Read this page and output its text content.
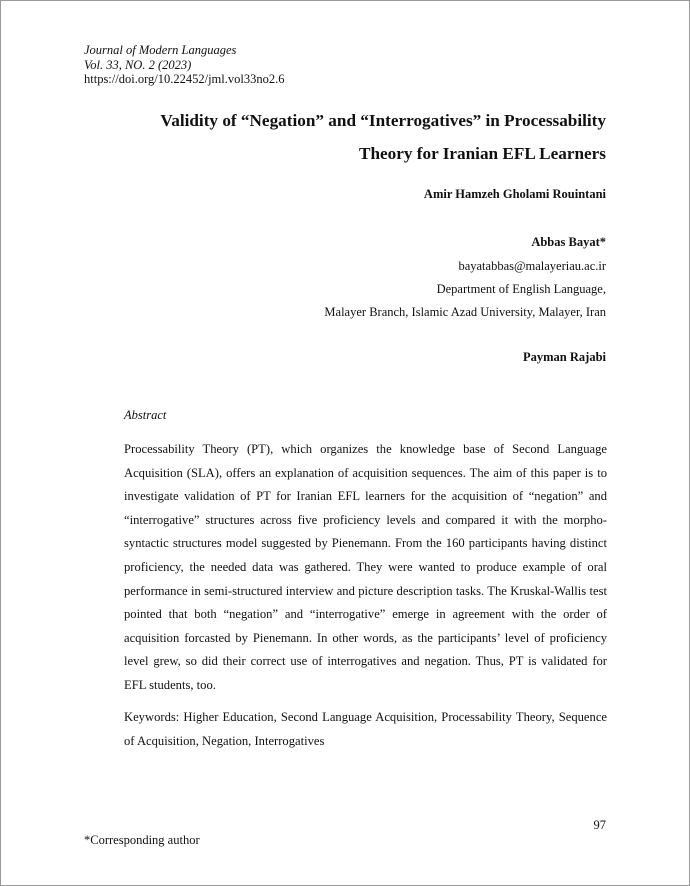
Journal of Modern Languages
Vol. 33, NO. 2 (2023)
https://doi.org/10.22452/jml.vol33no2.6
Validity of “Negation” and “Interrogatives” in Processability
Theory for Iranian EFL Learners
Amir Hamzeh Gholami Rouintani
Abbas Bayat*
bayatabbas@malayeriau.ac.ir
Department of English Language,
Malayer Branch, Islamic Azad University, Malayer, Iran
Payman Rajabi
Abstract
Processability Theory (PT), which organizes the knowledge base of Second Language Acquisition (SLA), offers an explanation of acquisition sequences. The aim of this paper is to investigate validation of PT for Iranian EFL learners for the acquisition of “negation” and “interrogative” structures across five proficiency levels and compared it with the morpho-syntactic structures model suggested by Pienemann. From the 160 participants having distinct proficiency, the needed data was gathered. They were wanted to produce example of oral performance in semi-structured interview and picture description tasks. The Kruskal-Wallis test pointed that both “negation” and “interrogative” emerge in agreement with the order of acquisition forcasted by Pienemann. In other words, as the participants’ level of proficiency level grew, so did their correct use of interrogatives and negation. Thus, PT is validated for EFL students, too.
Keywords: Higher Education, Second Language Acquisition, Processability Theory, Sequence of Acquisition, Negation, Interrogatives
97
*Corresponding author
